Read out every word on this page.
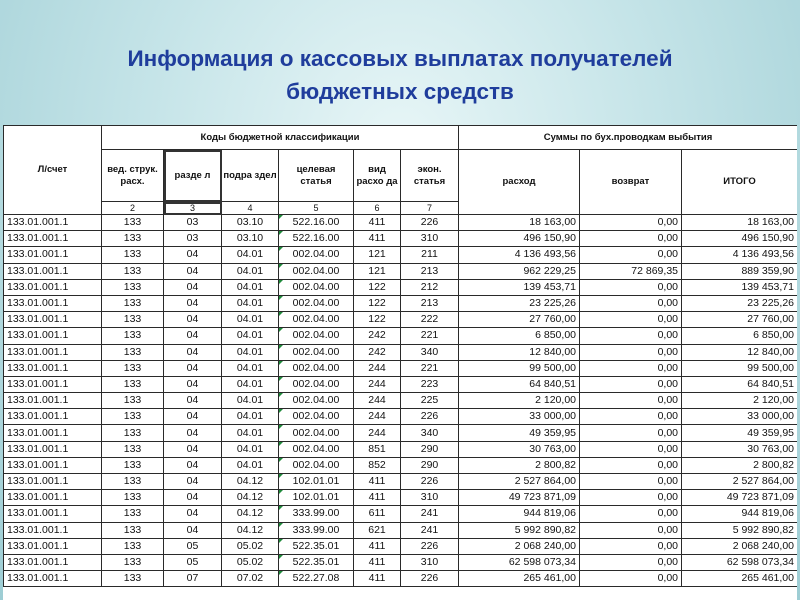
Информация о кассовых выплатах получателей
бюджетных средств
Л/счет	Коды бюджетной классификации						Суммы по бух.проводкам выбытия		
	вед. струк. расх.	разде л	подра здел	целевая статья	вид расхо да	экон. статья	расход	возврат	ИТОГО
	2	3	4	5	6	7			
133.01.001.1	133	03	03.10	522.16.00	411	226	18 163,00	0,00	18 163,00
133.01.001.1	133	03	03.10	522.16.00	411	310	496 150,90	0,00	496 150,90
133.01.001.1	133	04	04.01	002.04.00	121	211	4 136 493,56	0,00	4 136 493,56
133.01.001.1	133	04	04.01	002.04.00	121	213	962 229,25	72 869,35	889 359,90
133.01.001.1	133	04	04.01	002.04.00	122	212	139 453,71	0,00	139 453,71
133.01.001.1	133	04	04.01	002.04.00	122	213	23 225,26	0,00	23 225,26
133.01.001.1	133	04	04.01	002.04.00	122	222	27 760,00	0,00	27 760,00
133.01.001.1	133	04	04.01	002.04.00	242	221	6 850,00	0,00	6 850,00
133.01.001.1	133	04	04.01	002.04.00	242	340	12 840,00	0,00	12 840,00
133.01.001.1	133	04	04.01	002.04.00	244	221	99 500,00	0,00	99 500,00
133.01.001.1	133	04	04.01	002.04.00	244	223	64 840,51	0,00	64 840,51
133.01.001.1	133	04	04.01	002.04.00	244	225	2 120,00	0,00	2 120,00
133.01.001.1	133	04	04.01	002.04.00	244	226	33 000,00	0,00	33 000,00
133.01.001.1	133	04	04.01	002.04.00	244	340	49 359,95	0,00	49 359,95
133.01.001.1	133	04	04.01	002.04.00	851	290	30 763,00	0,00	30 763,00
133.01.001.1	133	04	04.01	002.04.00	852	290	2 800,82	0,00	2 800,82
133.01.001.1	133	04	04.12	102.01.01	411	226	2 527 864,00	0,00	2 527 864,00
133.01.001.1	133	04	04.12	102.01.01	411	310	49 723 871,09	0,00	49 723 871,09
133.01.001.1	133	04	04.12	333.99.00	611	241	944 819,06	0,00	944 819,06
133.01.001.1	133	04	04.12	333.99.00	621	241	5 992 890,82	0,00	5 992 890,82
133.01.001.1	133	05	05.02	522.35.01	411	226	2 068 240,00	0,00	2 068 240,00
133.01.001.1	133	05	05.02	522.35.01	411	310	62 598 073,34	0,00	62 598 073,34
133.01.001.1	133	07	07.02	522.27.08	411	226	265 461,00	0,00	265 461,00
